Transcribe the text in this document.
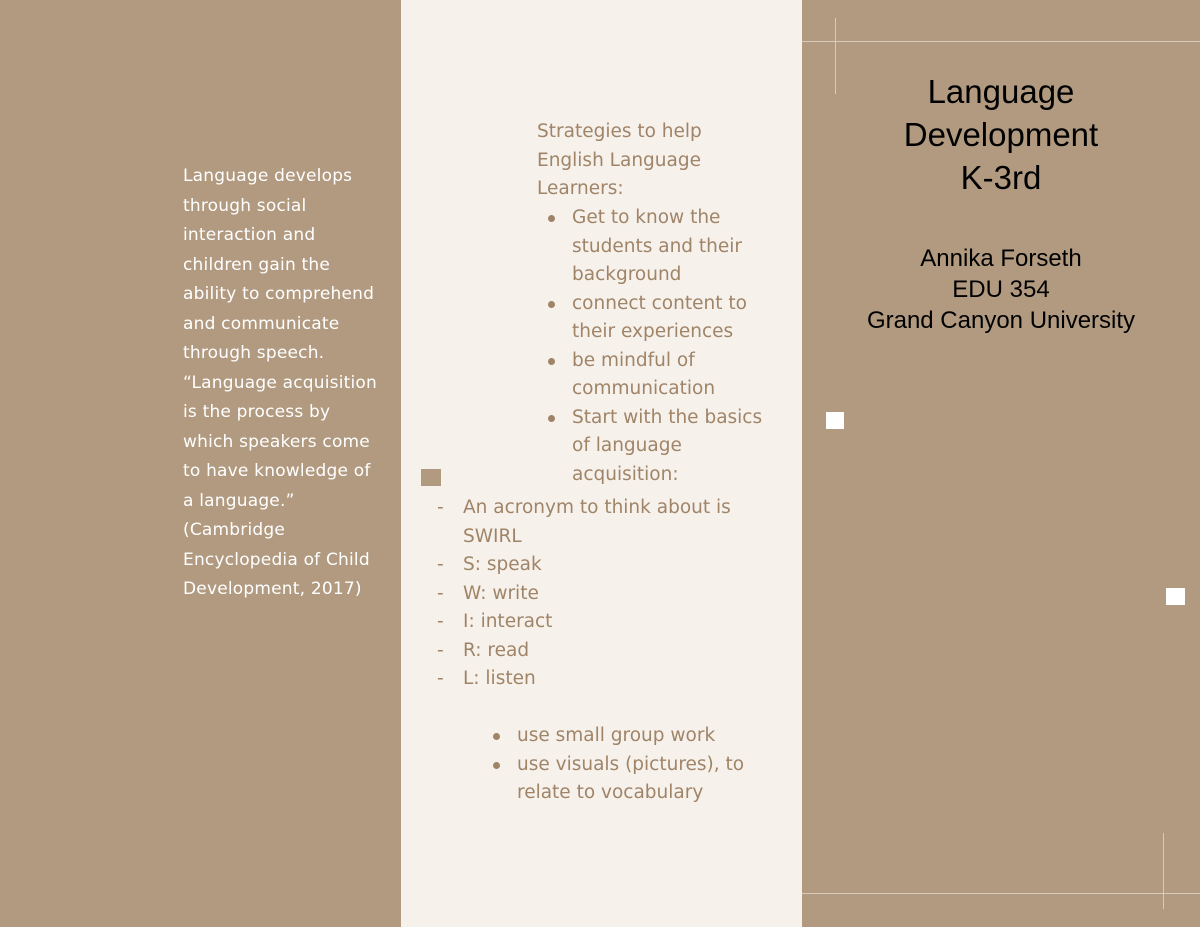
Language develops through social interaction and children gain the ability to comprehend and communicate through speech. “Language acquisition is the process by which speakers come to have knowledge of a language.” (Cambridge Encyclopedia of Child Development, 2017)

Strategies to help English Language Learners:

Get to know the students and their background
connect content to their experiences
be mindful of communication
Start with the basics of language acquisition:
- An acronym to think about is SWIRL
- S: speak
- W: write
- I: interact
- R: read
- L: listen
use small group work
use visuals (pictures), to relate to vocabulary
Language
Development
K-3rd
Annika Forseth
EDU 354
Grand Canyon University
